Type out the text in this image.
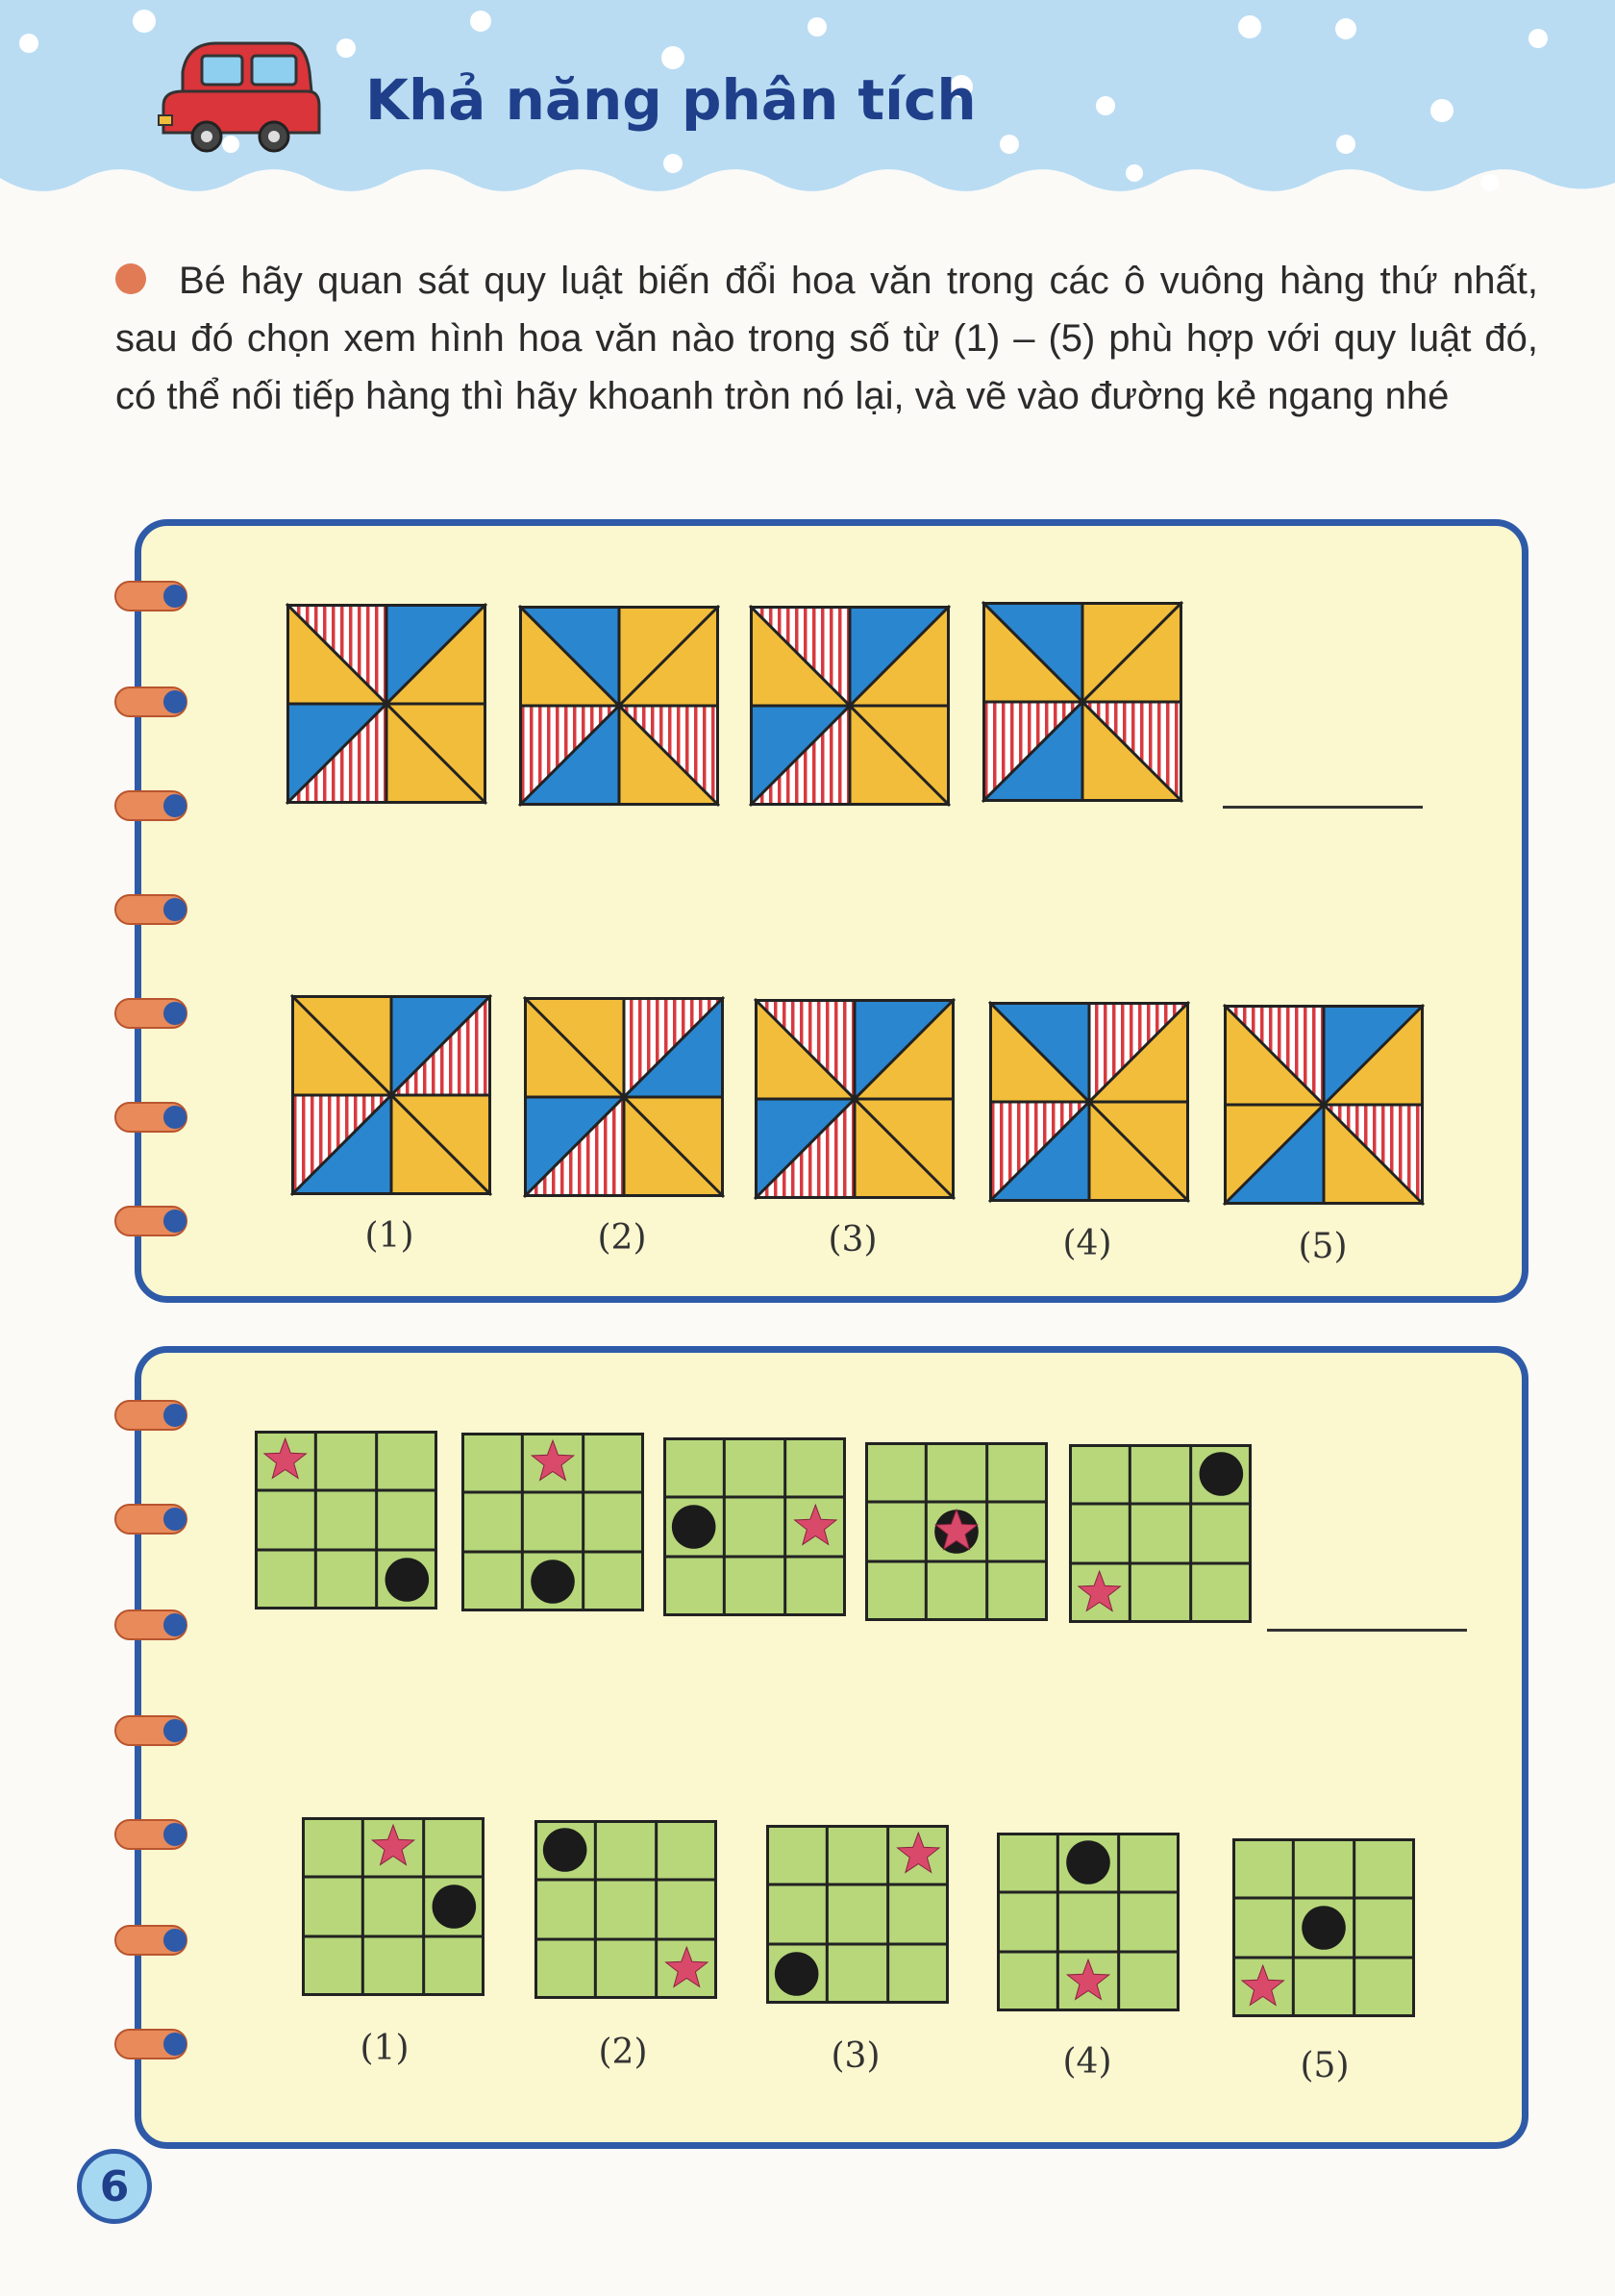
Khả năng phân tích

Bé hãy quan sát quy luật biến đổi hoa văn trong các ô vuông hàng thứ nhất, sau đó chọn xem hình hoa văn nào trong số từ (1) – (5) phù hợp với quy luật đó, có thể nối tiếp hàng thì hãy khoanh tròn nó lại, và vẽ vào đường kẻ ngang nhé

(1)	(2)	(3)	(4)	(5)
(1)	(2)	(3)	(4)	(5)
6
